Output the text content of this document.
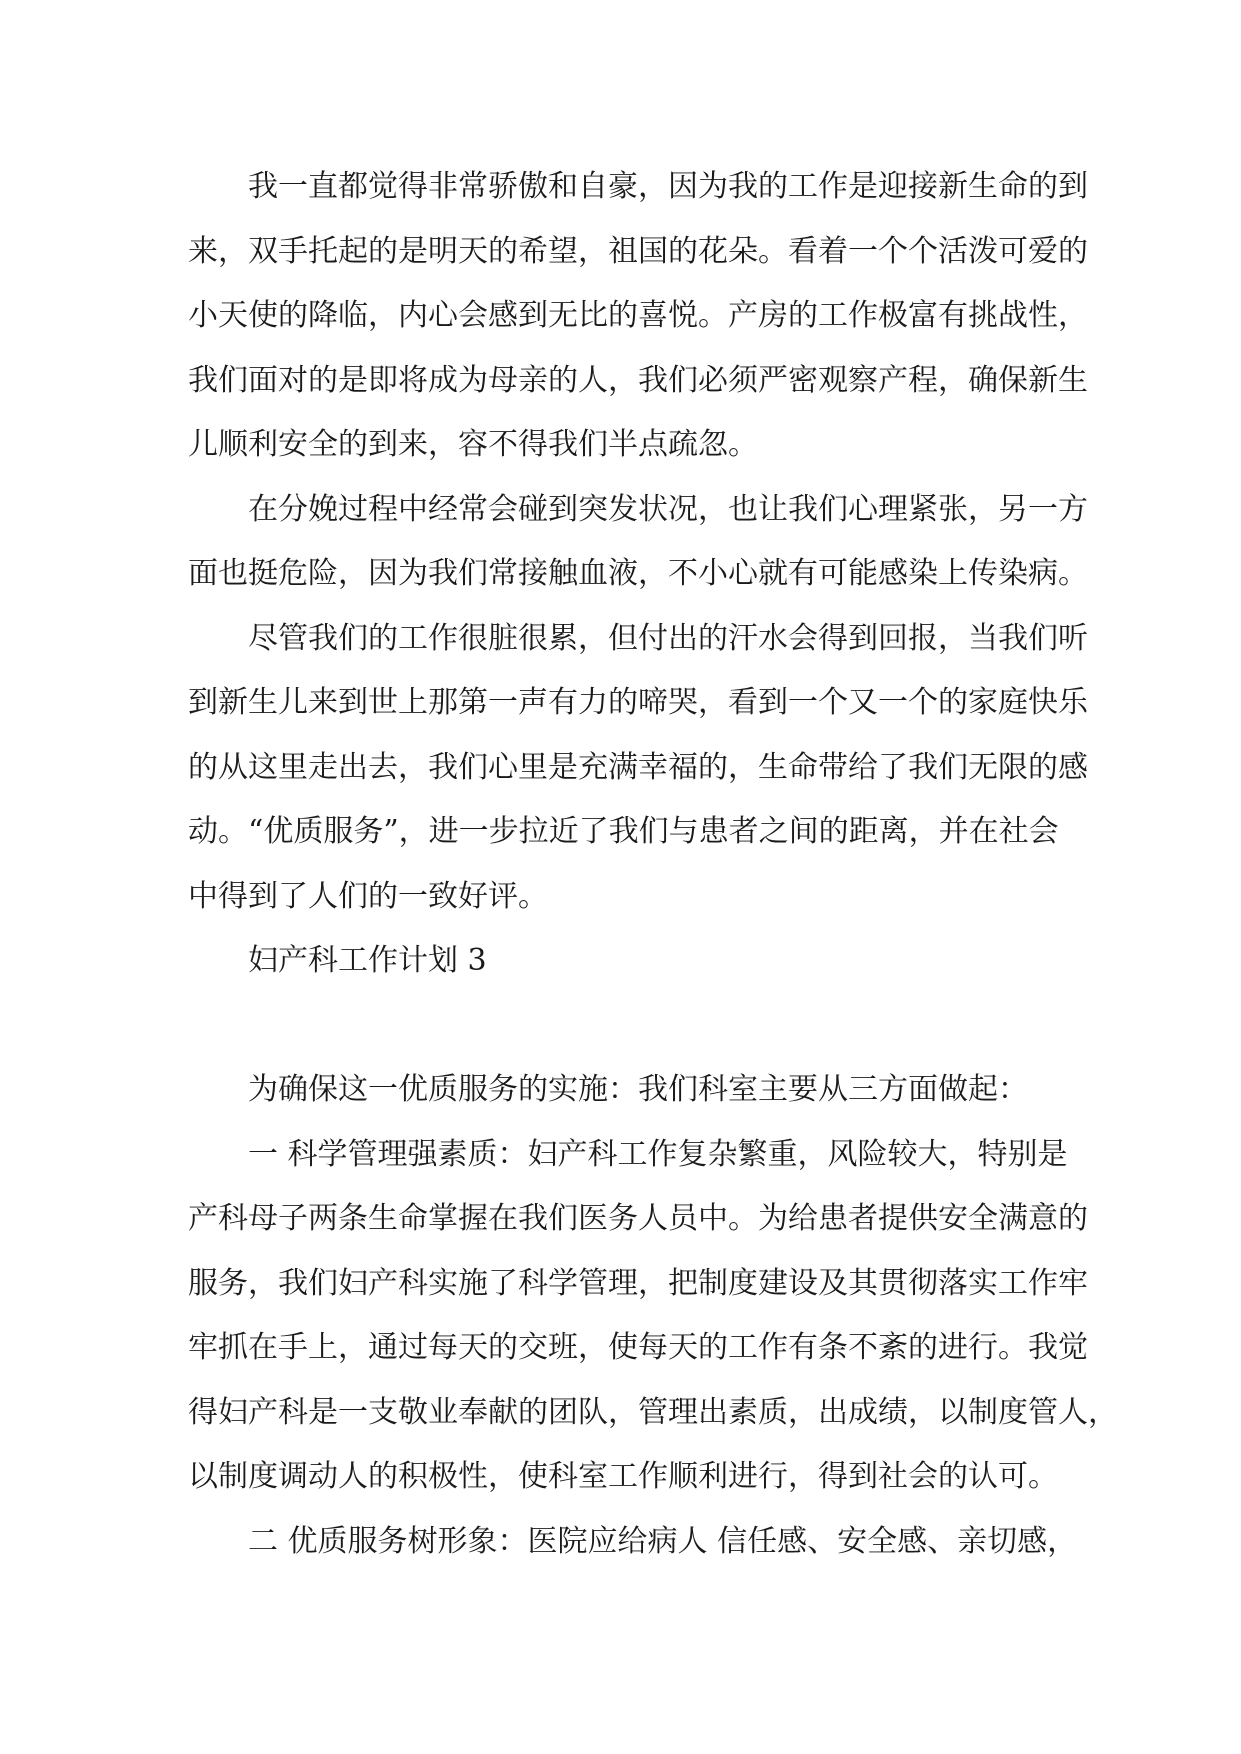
我一直都觉得非常骄傲和自豪，因为我的工作是迎接新生命的到
来，双手托起的是明天的希望，祖国的花朵。看着一个个活泼可爱的
小天使的降临，内心会感到无比的喜悦。产房的工作极富有挑战性，
我们面对的是即将成为母亲的人，我们必须严密观察产程，确保新生
儿顺利安全的到来，容不得我们半点疏忽。
在分娩过程中经常会碰到突发状况，也让我们心理紧张，另一方
面也挺危险，因为我们常接触血液，不小心就有可能感染上传染病。
尽管我们的工作很脏很累，但付出的汗水会得到回报，当我们听
到新生儿来到世上那第一声有力的啼哭，看到一个又一个的家庭快乐
的从这里走出去，我们心里是充满幸福的，生命带给了我们无限的感
动。“优质服务”，进一步拉近了我们与患者之间的距离，并在社会
中得到了人们的一致好评。
妇产科工作计划 3
为确保这一优质服务的实施：我们科室主要从三方面做起：
一 科学管理强素质：妇产科工作复杂繁重，风险较大，特别是
产科母子两条生命掌握在我们医务人员中。为给患者提供安全满意的
服务，我们妇产科实施了科学管理，把制度建设及其贯彻落实工作牢
牢抓在手上，通过每天的交班，使每天的工作有条不紊的进行。我觉
得妇产科是一支敬业奉献的团队，管理出素质，出成绩，以制度管人，
以制度调动人的积极性，使科室工作顺利进行，得到社会的认可。
二 优质服务树形象：医院应给病人 信任感、安全感、亲切感，
